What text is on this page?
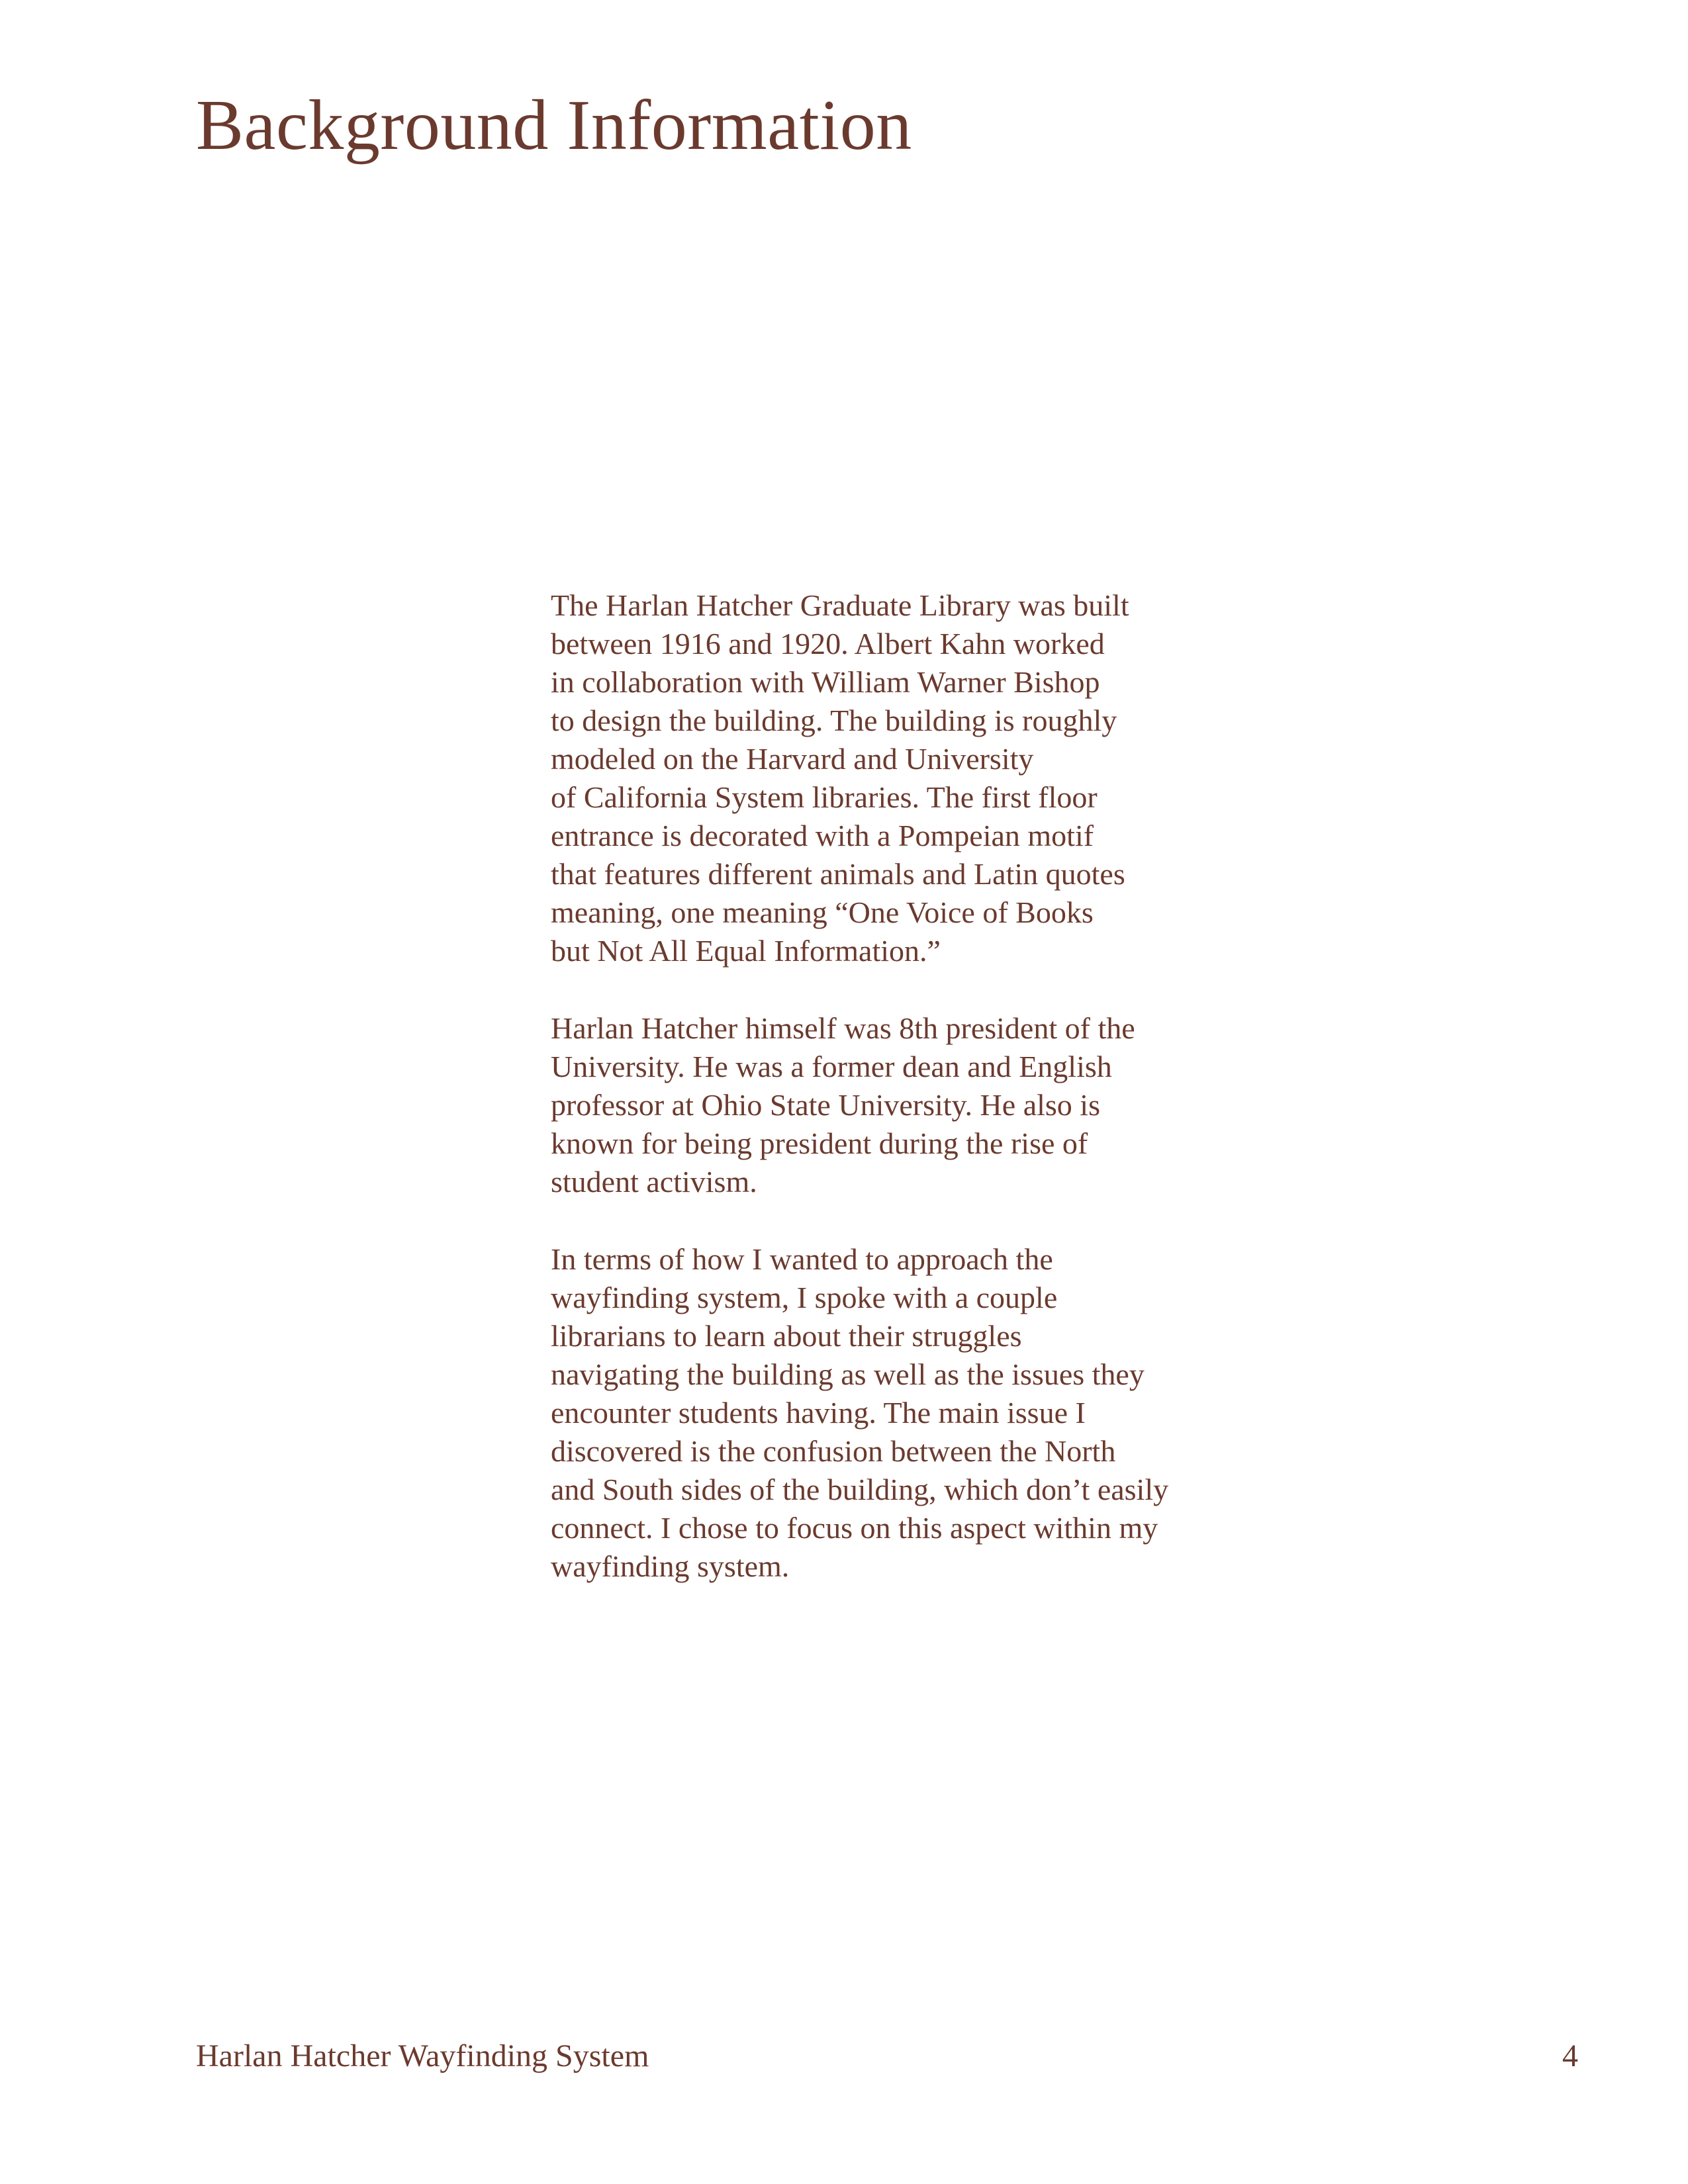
Background Information

The Harlan Hatcher Graduate Library was built
between 1916 and 1920. Albert Kahn worked
in collaboration with William Warner Bishop
to design the building. The building is roughly
modeled on the Harvard and University
of California System libraries. The first floor
entrance is decorated with a Pompeian motif
that features different animals and Latin quotes
meaning, one meaning “One Voice of Books
but Not All Equal Information.”

Harlan Hatcher himself was 8th president of the
University. He was a former dean and English
professor at Ohio State University. He also is
known for being president during the rise of
student activism.

In terms of how I wanted to approach the
wayfinding system, I spoke with a couple
librarians to learn about their struggles
navigating the building as well as the issues they
encounter students having. The main issue I
discovered is the confusion between the North
and South sides of the building, which don’t easily
connect. I chose to focus on this aspect within my
wayfinding system.

Harlan Hatcher Wayfinding System	4
